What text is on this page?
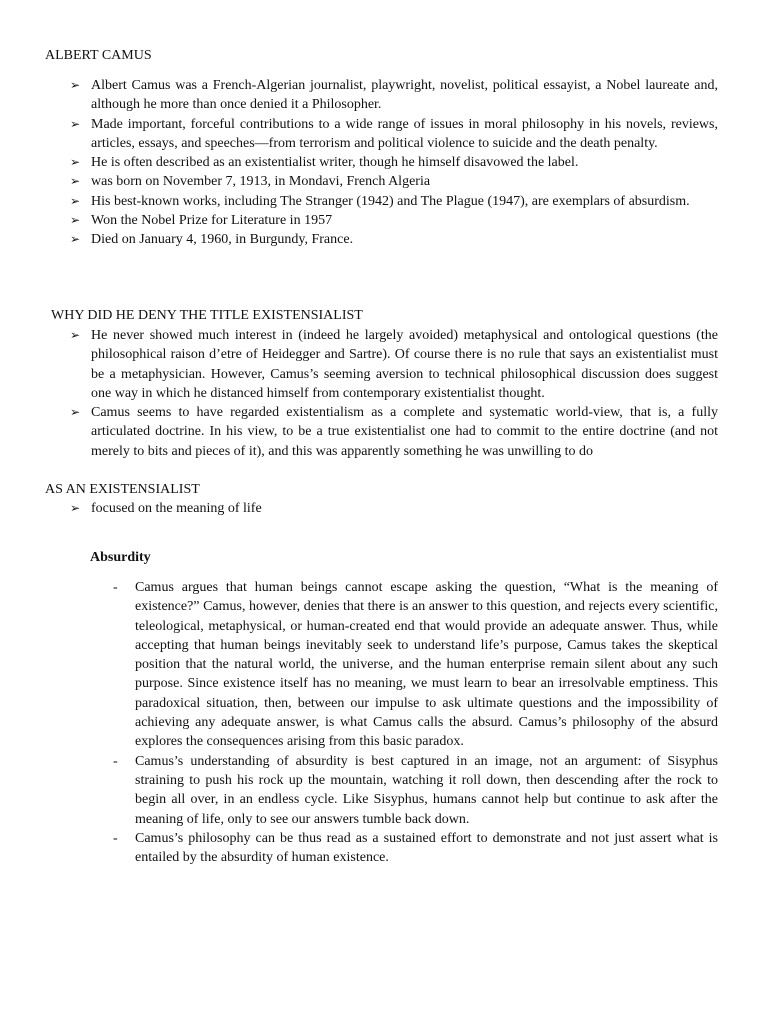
ALBERT CAMUS
➢ Albert Camus was a French-Algerian journalist, playwright, novelist, political essayist, a Nobel laureate and, although he more than once denied it a Philosopher.
➢ Made important, forceful contributions to a wide range of issues in moral philosophy in his novels, reviews, articles, essays, and speeches—from terrorism and political violence to suicide and the death penalty.
➢ He is often described as an existentialist writer, though he himself disavowed the label.
➢ was born on November 7, 1913, in Mondavi, French Algeria
➢ His best-known works, including The Stranger (1942) and The Plague (1947), are exemplars of absurdism.
➢ Won the Nobel Prize for Literature in 1957
➢ Died on January 4, 1960, in Burgundy, France.
WHY DID HE DENY THE TITLE EXISTENSIALIST
➢ He never showed much interest in (indeed he largely avoided) metaphysical and ontological questions (the philosophical raison d’etre of Heidegger and Sartre). Of course there is no rule that says an existentialist must be a metaphysician. However, Camus’s seeming aversion to technical philosophical discussion does suggest one way in which he distanced himself from contemporary existentialist thought.
➢ Camus seems to have regarded existentialism as a complete and systematic world-view, that is, a fully articulated doctrine. In his view, to be a true existentialist one had to commit to the entire doctrine (and not merely to bits and pieces of it), and this was apparently something he was unwilling to do
AS AN EXISTENSIALIST
➢ focused on the meaning of life
Absurdity
- Camus argues that human beings cannot escape asking the question, “What is the meaning of existence?” Camus, however, denies that there is an answer to this question, and rejects every scientific, teleological, metaphysical, or human-created end that would provide an adequate answer. Thus, while accepting that human beings inevitably seek to understand life’s purpose, Camus takes the skeptical position that the natural world, the universe, and the human enterprise remain silent about any such purpose. Since existence itself has no meaning, we must learn to bear an irresolvable emptiness. This paradoxical situation, then, between our impulse to ask ultimate questions and the impossibility of achieving any adequate answer, is what Camus calls the absurd. Camus’s philosophy of the absurd explores the consequences arising from this basic paradox.
- Camus’s understanding of absurdity is best captured in an image, not an argument: of Sisyphus straining to push his rock up the mountain, watching it roll down, then descending after the rock to begin all over, in an endless cycle. Like Sisyphus, humans cannot help but continue to ask after the meaning of life, only to see our answers tumble back down.
- Camus’s philosophy can be thus read as a sustained effort to demonstrate and not just assert what is entailed by the absurdity of human existence.
